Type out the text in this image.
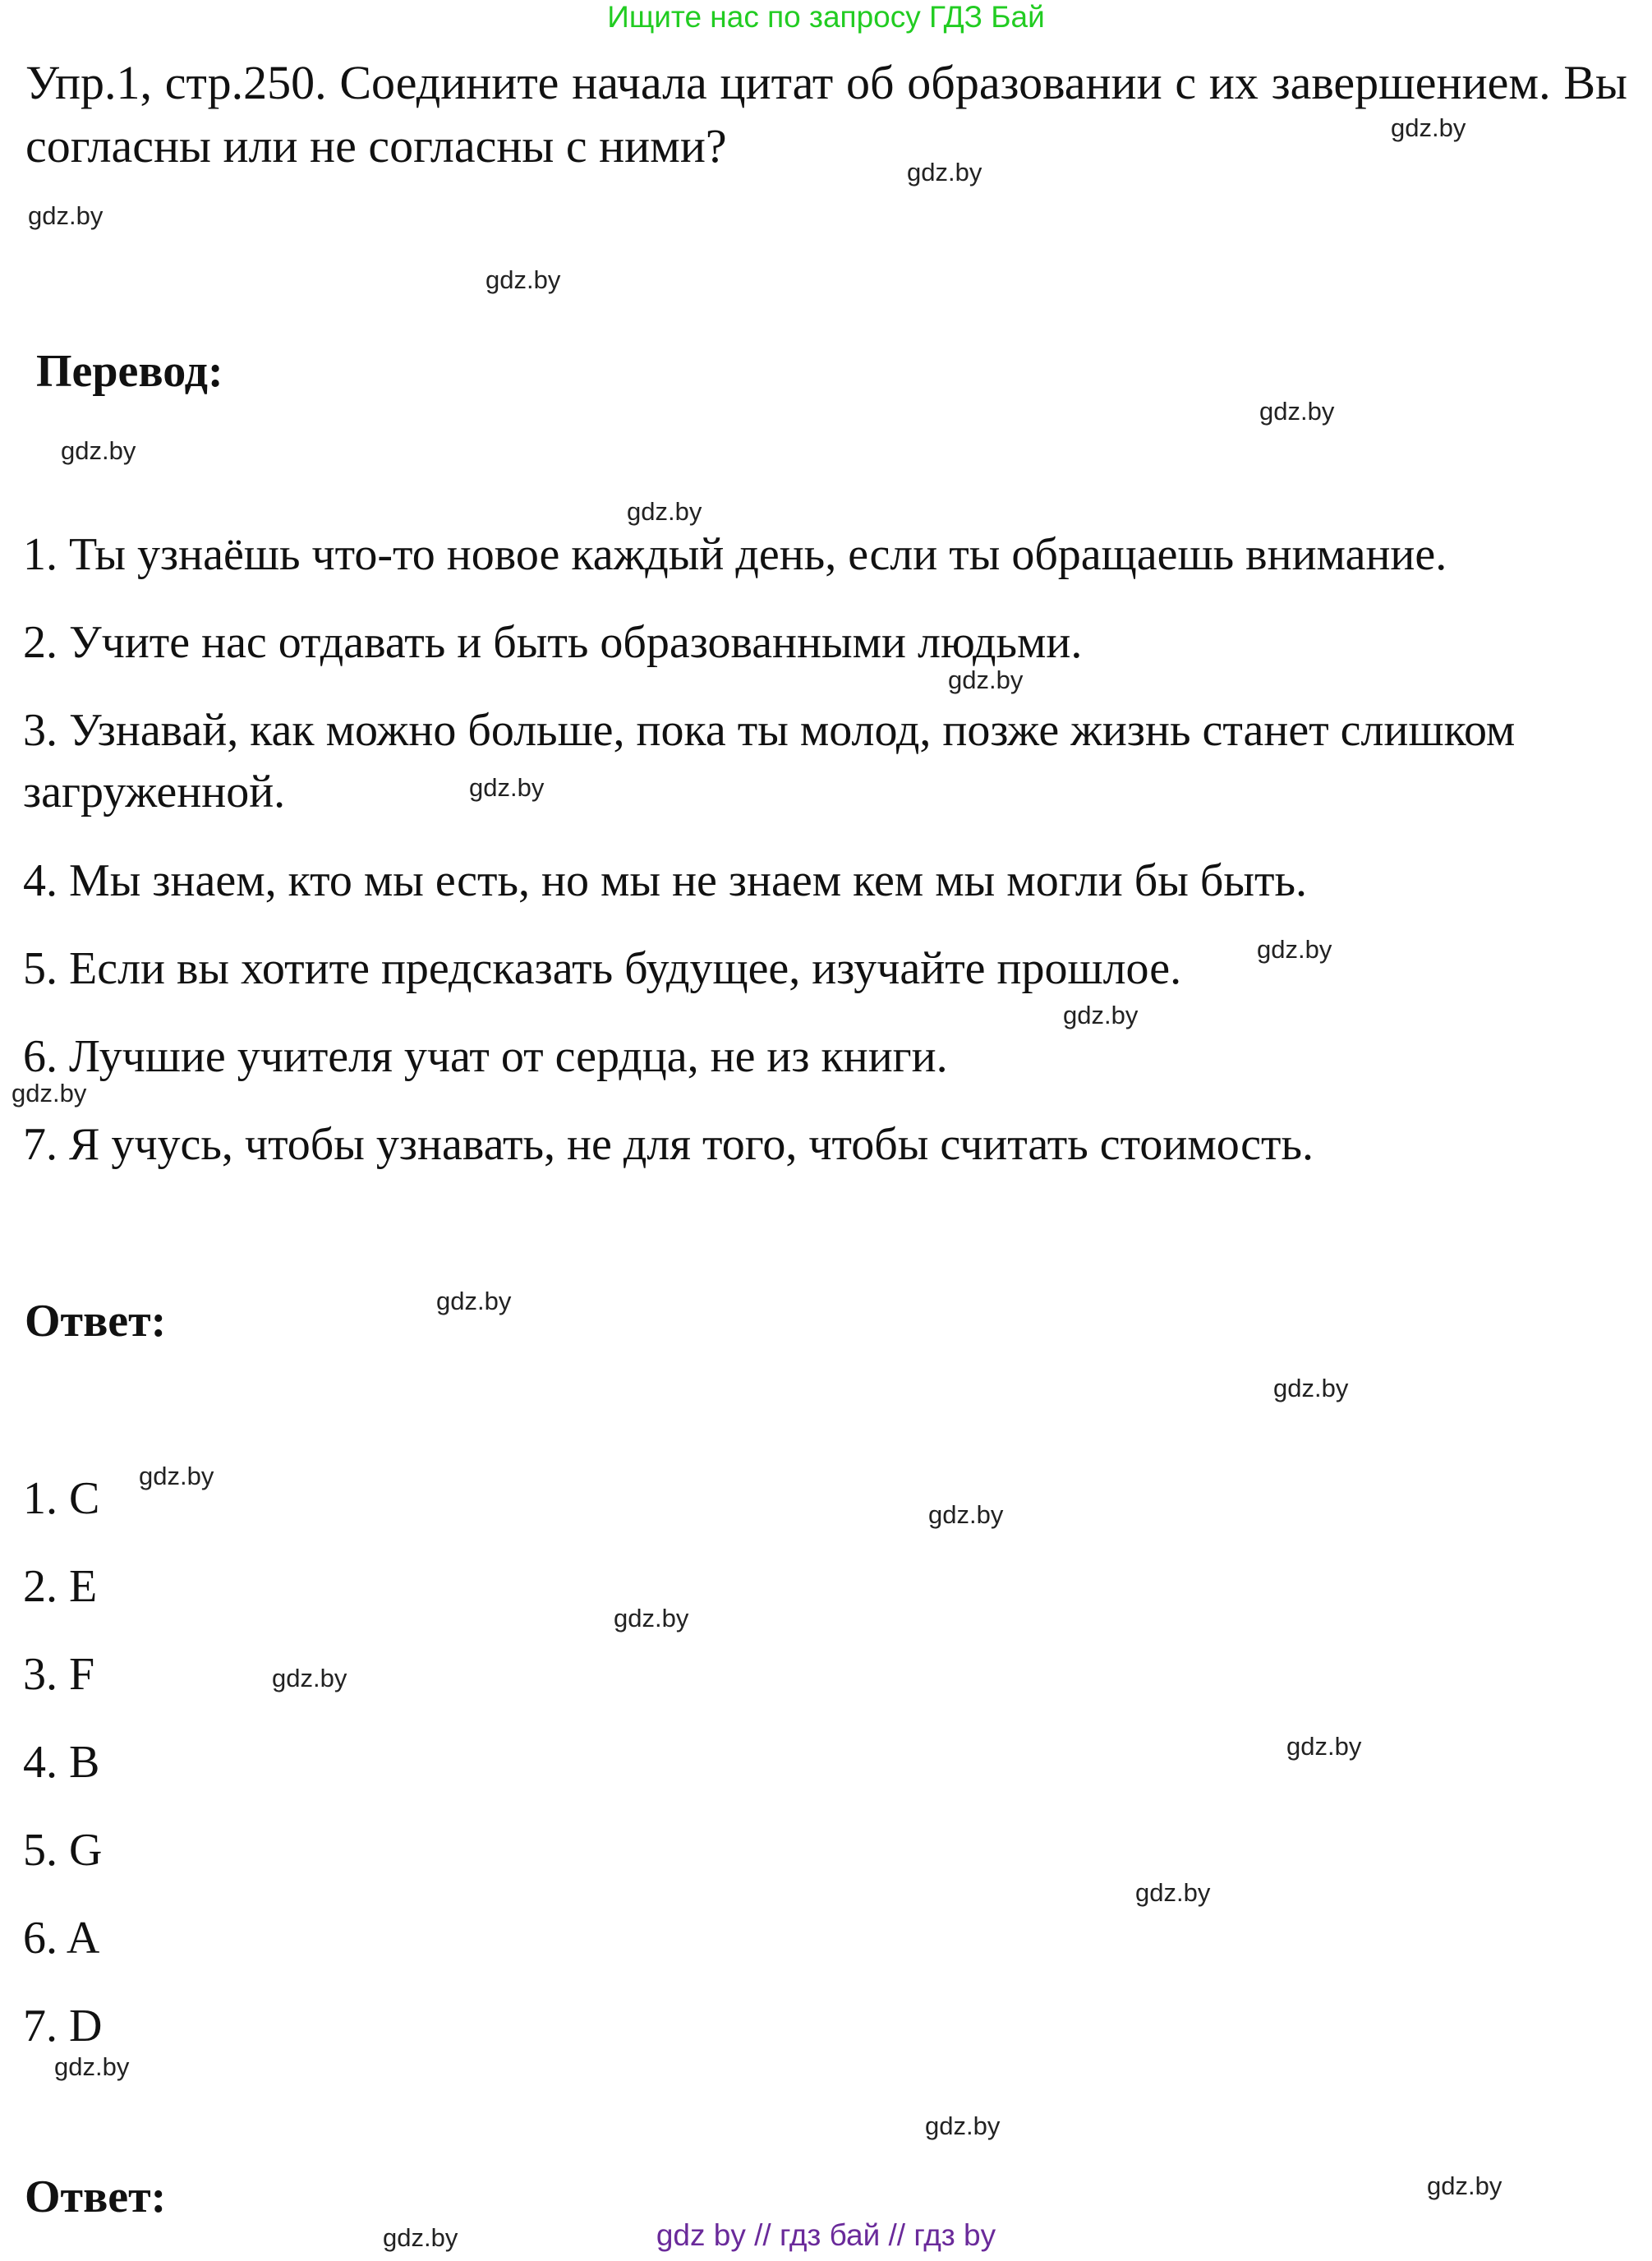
Ищите нас по запросу ГДЗ Бай
Упр.1, стр.250. Соедините начала цитат об образовании с их завершением. Вы согласны или не согласны с ними?
Перевод:
1. Ты узнаёшь что-то новое каждый день, если ты обращаешь внимание.
2. Учите нас отдавать и быть образованными людьми.
3. Узнавай, как можно больше, пока ты молод, позже жизнь станет слишком
загруженной.
4. Мы знаем, кто мы есть, но мы не знаем кем мы могли бы быть.
5. Если вы хотите предсказать будущее, изучайте прошлое.
6. Лучшие учителя учат от сердца, не из книги.
7. Я учусь, чтобы узнавать, не для того, чтобы считать стоимость.
Ответ:
1. C
2. E
3. F
4. B
5. G
6. A
7. D
Ответ:
gdz.by
gdz.by
gdz.by
gdz.by
gdz.by
gdz.by
gdz.by
gdz.by
gdz.by
gdz.by
gdz.by
gdz.by
gdz.by
gdz.by
gdz.by
gdz.by
gdz.by
gdz.by
gdz.by
gdz.by
gdz.by
gdz.by
gdz.by
gdz.by	gdz by // гдз бай // гдз by
